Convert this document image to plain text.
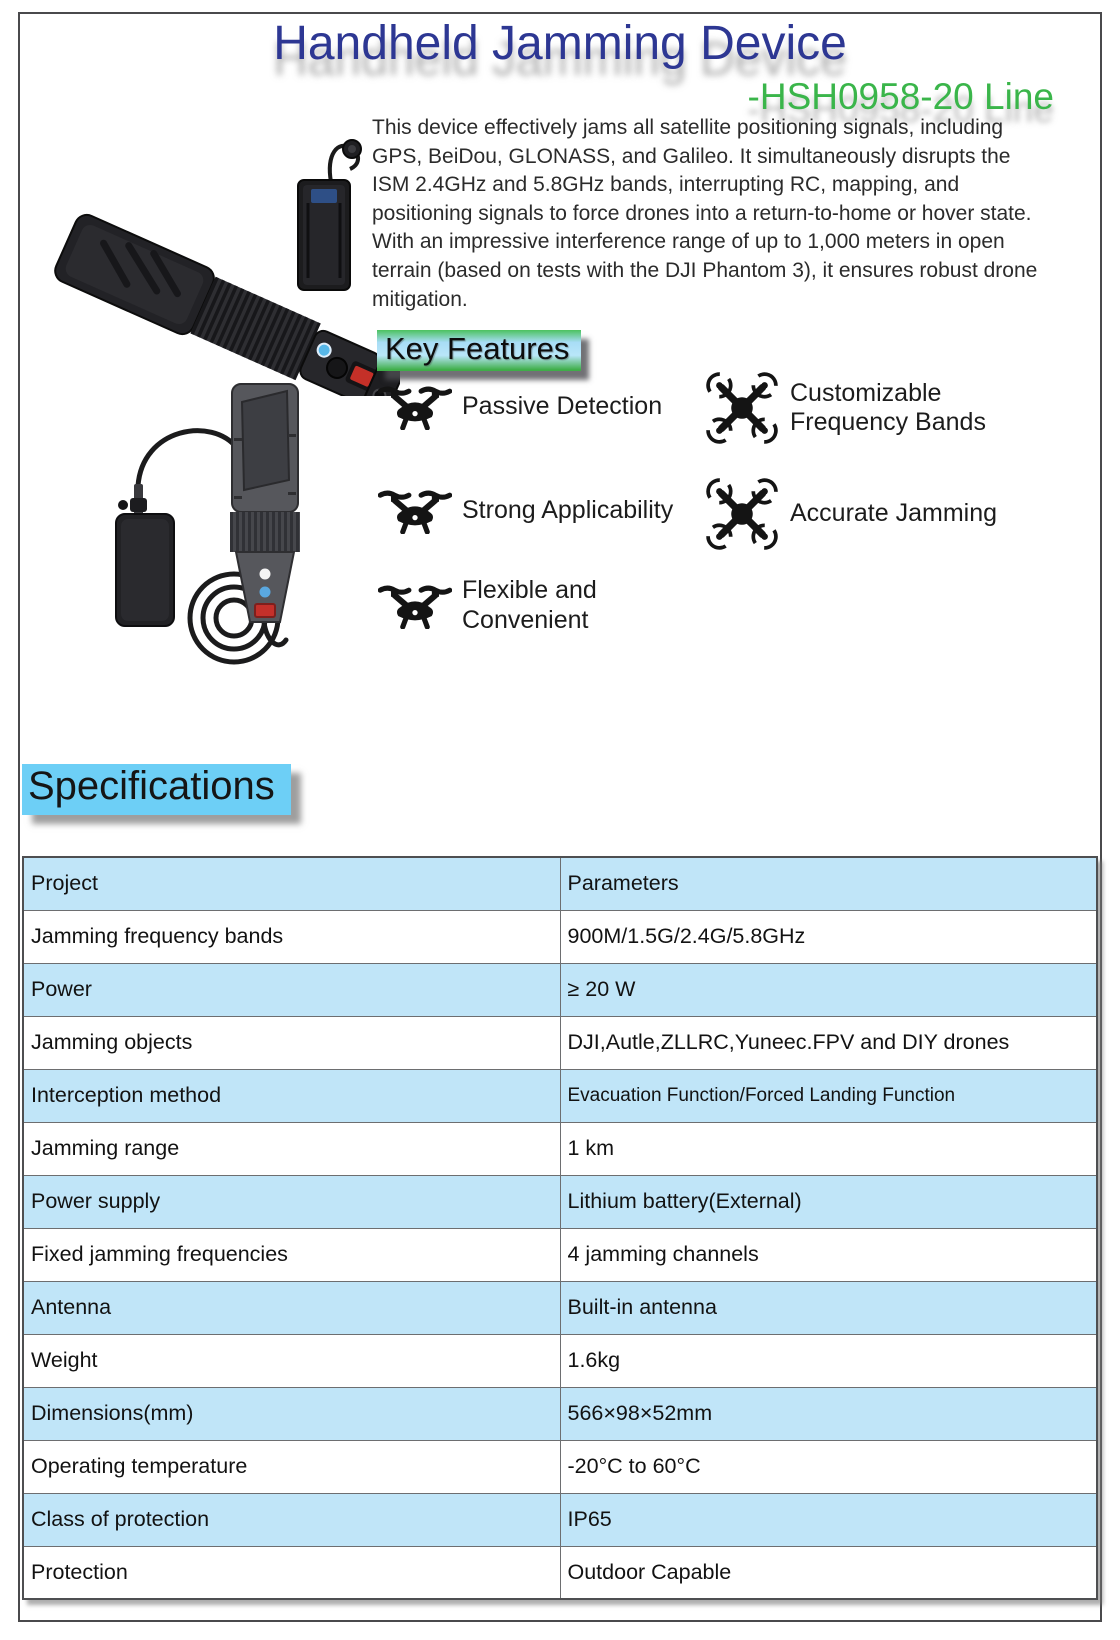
Handheld Jamming Device
-HSH0958-20 Line
This device effectively jams all satellite positioning signals, including GPS, BeiDou, GLONASS, and Galileo. It simultaneously disrupts the ISM 2.4GHz and 5.8GHz bands, interrupting RC, mapping, and positioning signals to force drones into a return-to-home or hover state. With an impressive interference range of up to 1,000 meters in open terrain (based on tests with the DJI Phantom 3), it ensures robust drone mitigation.
Key Features
Passive Detection	Customizable Frequency Bands
Strong Applicability	Accurate Jamming
Flexible and Convenient
Specifications
Project	Parameters
Jamming frequency bands	900M/1.5G/2.4G/5.8GHz
Power	≥ 20 W
Jamming objects	DJI,Autle,ZLLRC,Yuneec.FPV and DIY drones
Interception method	Evacuation Function/Forced Landing Function
Jamming range	1 km
Power supply	Lithium battery(External)
Fixed jamming frequencies	4 jamming channels
Antenna	Built-in antenna
Weight	1.6kg
Dimensions(mm)	566×98×52mm
Operating temperature	-20°C to 60°C
Class of protection	IP65
Protection	Outdoor Capable
